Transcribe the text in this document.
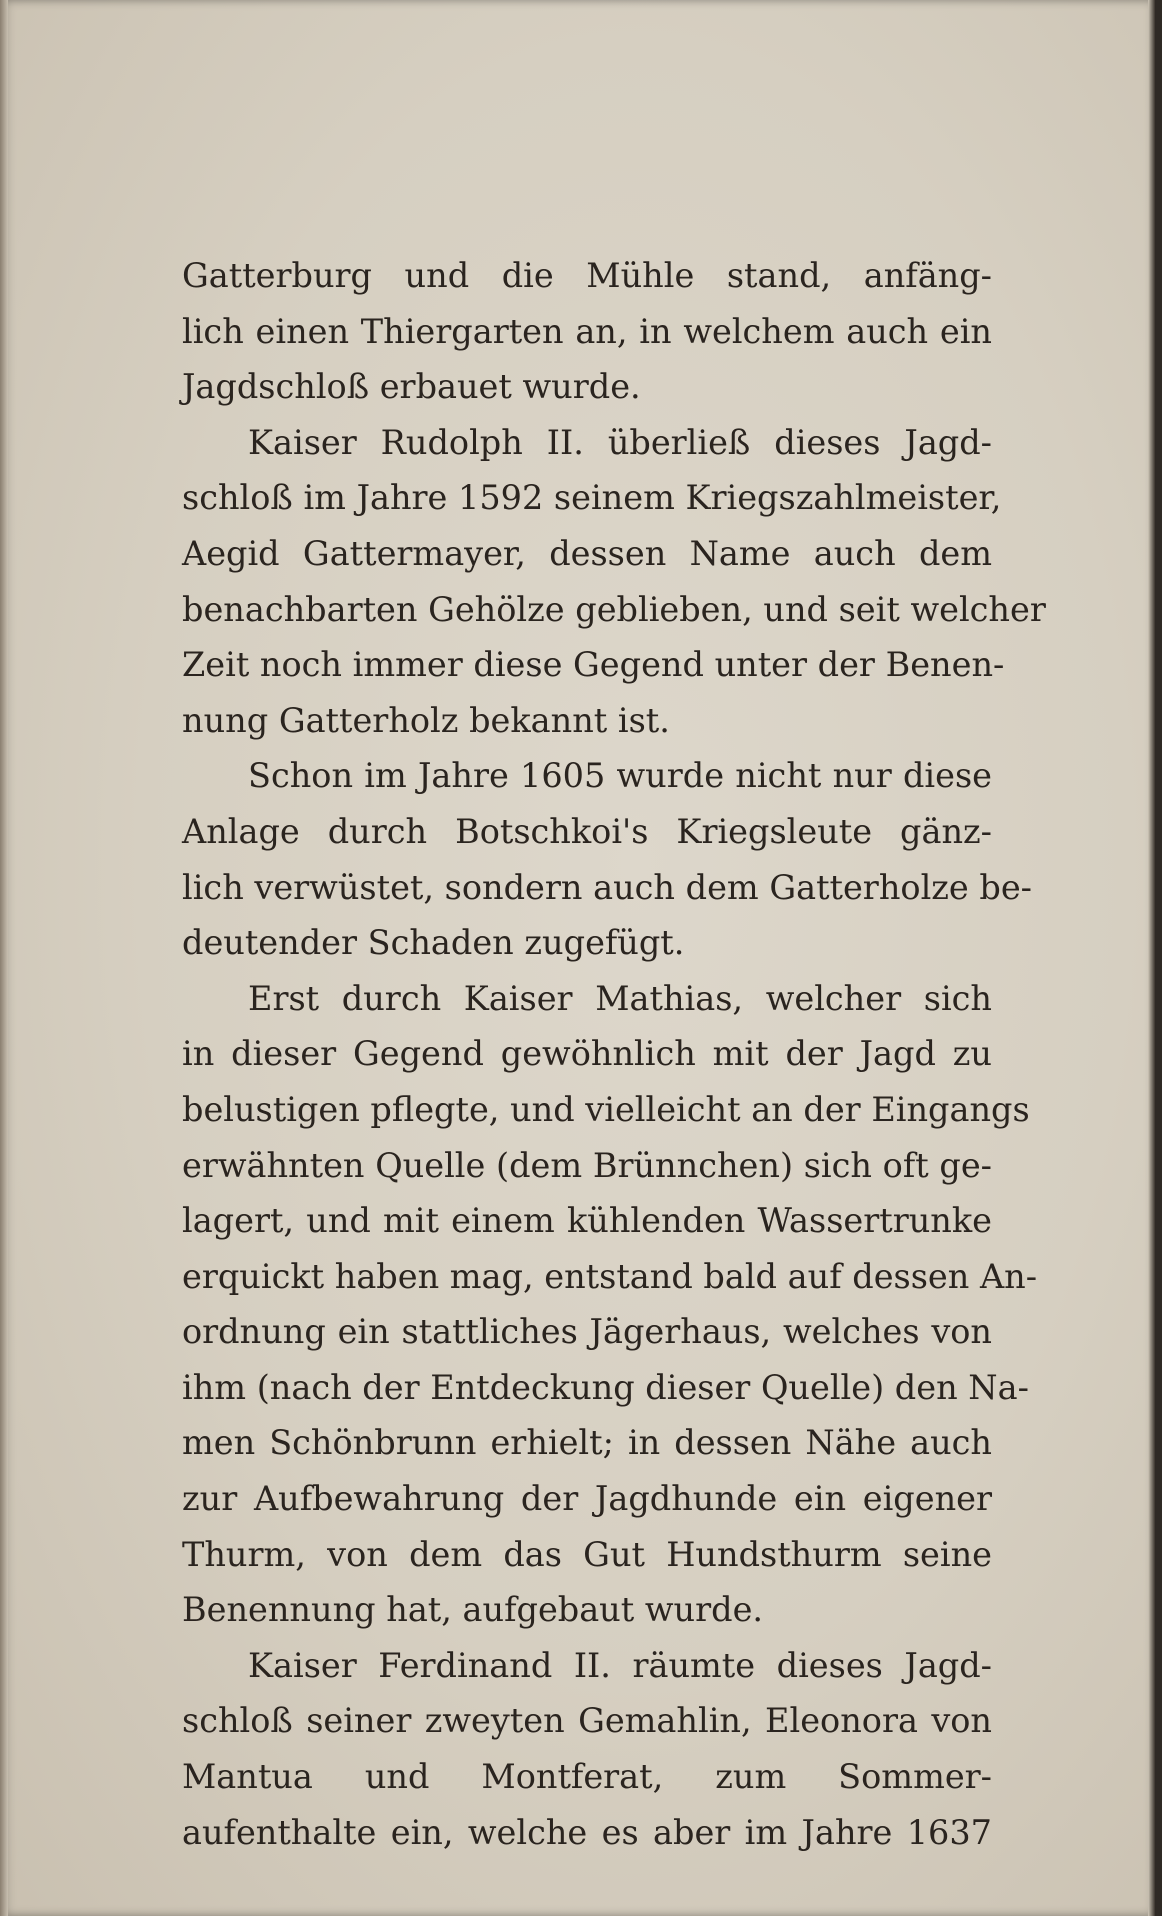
Gatterburg und die Mühle stand, anfäng-
lich einen Thiergarten an, in welchem auch ein
Jagdschloß erbauet wurde.

Kaiser Rudolph II. überließ dieses Jagd-
schloß im Jahre 1592 seinem Kriegszahlmeister,
Aegid Gattermayer, dessen Name auch dem
benachbarten Gehölze geblieben, und seit welcher
Zeit noch immer diese Gegend unter der Benen-
nung Gatterholz bekannt ist.

Schon im Jahre 1605 wurde nicht nur diese
Anlage durch Botschkoi's Kriegsleute gänz-
lich verwüstet, sondern auch dem Gatterholze be-
deutender Schaden zugefügt.

Erst durch Kaiser Mathias, welcher sich
in dieser Gegend gewöhnlich mit der Jagd zu
belustigen pflegte, und vielleicht an der Eingangs
erwähnten Quelle (dem Brünnchen) sich oft ge-
lagert, und mit einem kühlenden Wassertrunke
erquickt haben mag, entstand bald auf dessen An-
ordnung ein stattliches Jägerhaus, welches von
ihm (nach der Entdeckung dieser Quelle) den Na-
men Schönbrunn erhielt; in dessen Nähe auch
zur Aufbewahrung der Jagdhunde ein eigener
Thurm, von dem das Gut Hundsthurm seine
Benennung hat, aufgebaut wurde.

Kaiser Ferdinand II. räumte dieses Jagd-
schloß seiner zweyten Gemahlin, Eleonora von
Mantua und Montferat, zum Sommer-
aufenthalte ein, welche es aber im Jahre 1637
